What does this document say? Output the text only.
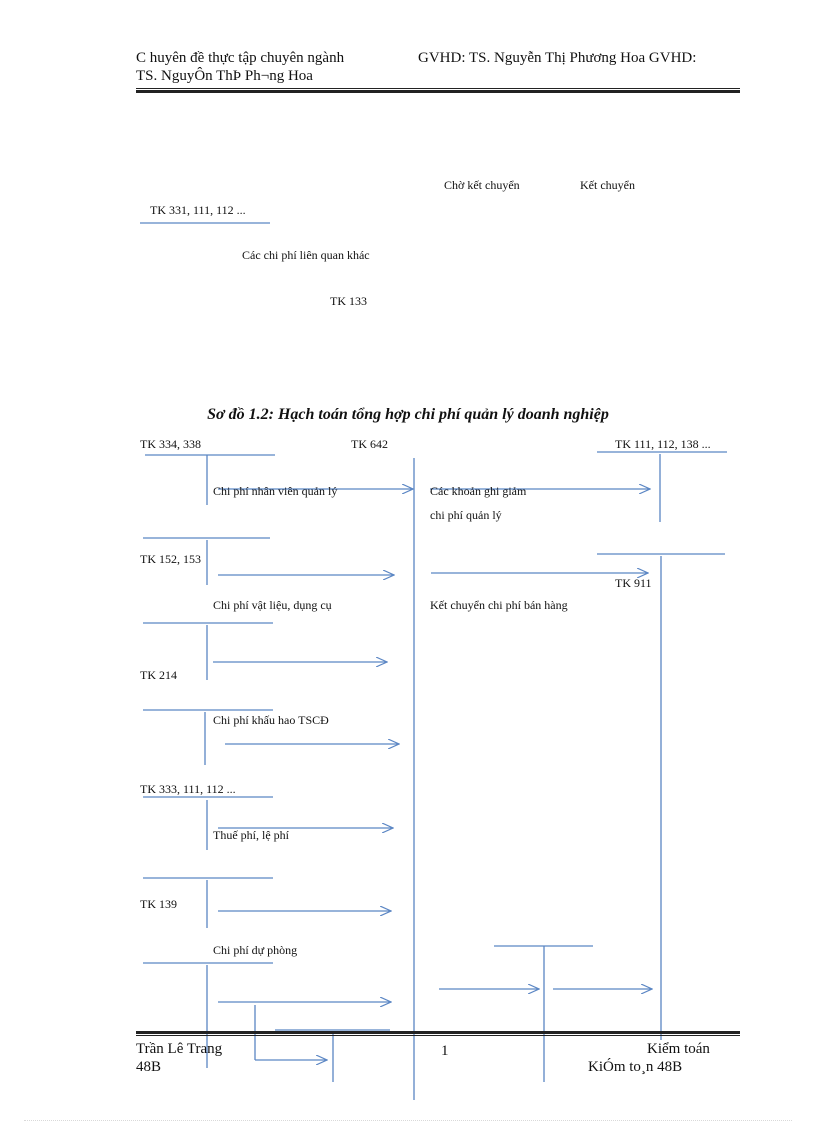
C huyên đề thực tập chuyên ngành	GVHD: TS. Nguyễn Thị Phương Hoa GVHD:
TS. NguyÔn ThÞ Ph¬ng Hoa
Chờ kết chuyển	Kết chuyển
TK 331, 111, 112 ...
Các chi phí liên quan khác
TK 133
Sơ đồ 1.2: Hạch toán tổng hợp chi phí quản lý doanh nghiệp
TK 334, 338	TK 642	TK 111, 112, 138 ...
TK 152, 153
TK 911
TK 214
TK 333, 111, 112 ...
TK 139
Chi phí nhân viên quản lý	Các khoản ghi giảm
chi phí quản lý
Chi phí vật liệu, dụng cụ	Kết chuyển chi phí bán hàng
Chi phí khấu hao TSCĐ
Thuế phí, lệ phí
Chi phí dự phòng
Trần Lê Trang
48B
1	Kiểm toán
KiÓm to¸n 48B
